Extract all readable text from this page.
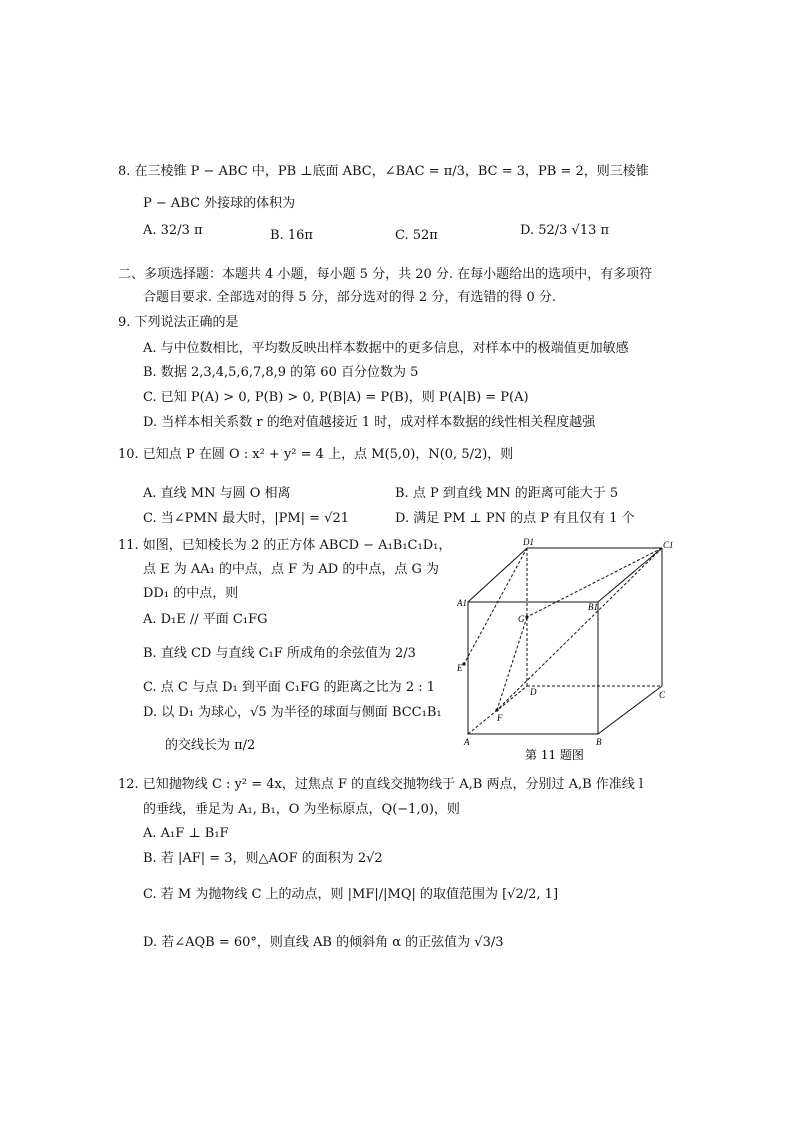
8. 在三棱锥 P − ABC 中，PB ⊥底面 ABC，∠BAC = π/3，BC = 3，PB = 2，则三棱锥
P − ABC 外接球的体积为
A. 32/3 π	B. 16π	C. 52π	D. 52/3 √13 π
二、多项选择题：本题共 4 小题，每小题 5 分，共 20 分. 在每小题给出的选项中，有多项符
合题目要求. 全部选对的得 5 分，部分选对的得 2 分，有选错的得 0 分.
9. 下列说法正确的是
A. 与中位数相比，平均数反映出样本数据中的更多信息，对样本中的极端值更加敏感
B. 数据 2,3,4,5,6,7,8,9 的第 60 百分位数为 5
C. 已知 P(A) > 0, P(B) > 0, P(B|A) = P(B)，则 P(A|B) = P(A)
D. 当样本相关系数 r 的绝对值越接近 1 时，成对样本数据的线性相关程度越强
10. 已知点 P 在圆 O : x² + y² = 4 上，点 M(5,0)，N(0, 5/2)，则
A. 直线 MN 与圆 O 相离	B. 点 P 到直线 MN 的距离可能大于 5
C. 当∠PMN 最大时，|PM| = √21	D. 满足 PM ⊥ PN 的点 P 有且仅有 1 个
11. 如图，已知棱长为 2 的正方体 ABCD − A₁B₁C₁D₁，
点 E 为 AA₁ 的中点，点 F 为 AD 的中点，点 G 为
DD₁ 的中点，则
A. D₁E // 平面 C₁FG
B. 直线 CD 与直线 C₁F 所成角的余弦值为 2/3
C. 点 C 与点 D₁ 到平面 C₁FG 的距离之比为 2 : 1
D. 以 D₁ 为球心，√5 为半径的球面与侧面 BCC₁B₁
的交线长为 π/2
D1	C1
A1	B1
G
E
D	C
F
A	B
第 11 题图
12. 已知抛物线 C : y² = 4x，过焦点 F 的直线交抛物线于 A,B 两点，分别过 A,B 作准线 l
的垂线，垂足为 A₁, B₁，O 为坐标原点，Q(−1,0)，则
A. A₁F ⊥ B₁F
B. 若 |AF| = 3，则△AOF 的面积为 2√2
C. 若 M 为抛物线 C 上的动点，则 |MF|/|MQ| 的取值范围为 [√2/2, 1]
D. 若∠AQB = 60°，则直线 AB 的倾斜角 α 的正弦值为 √3/3
